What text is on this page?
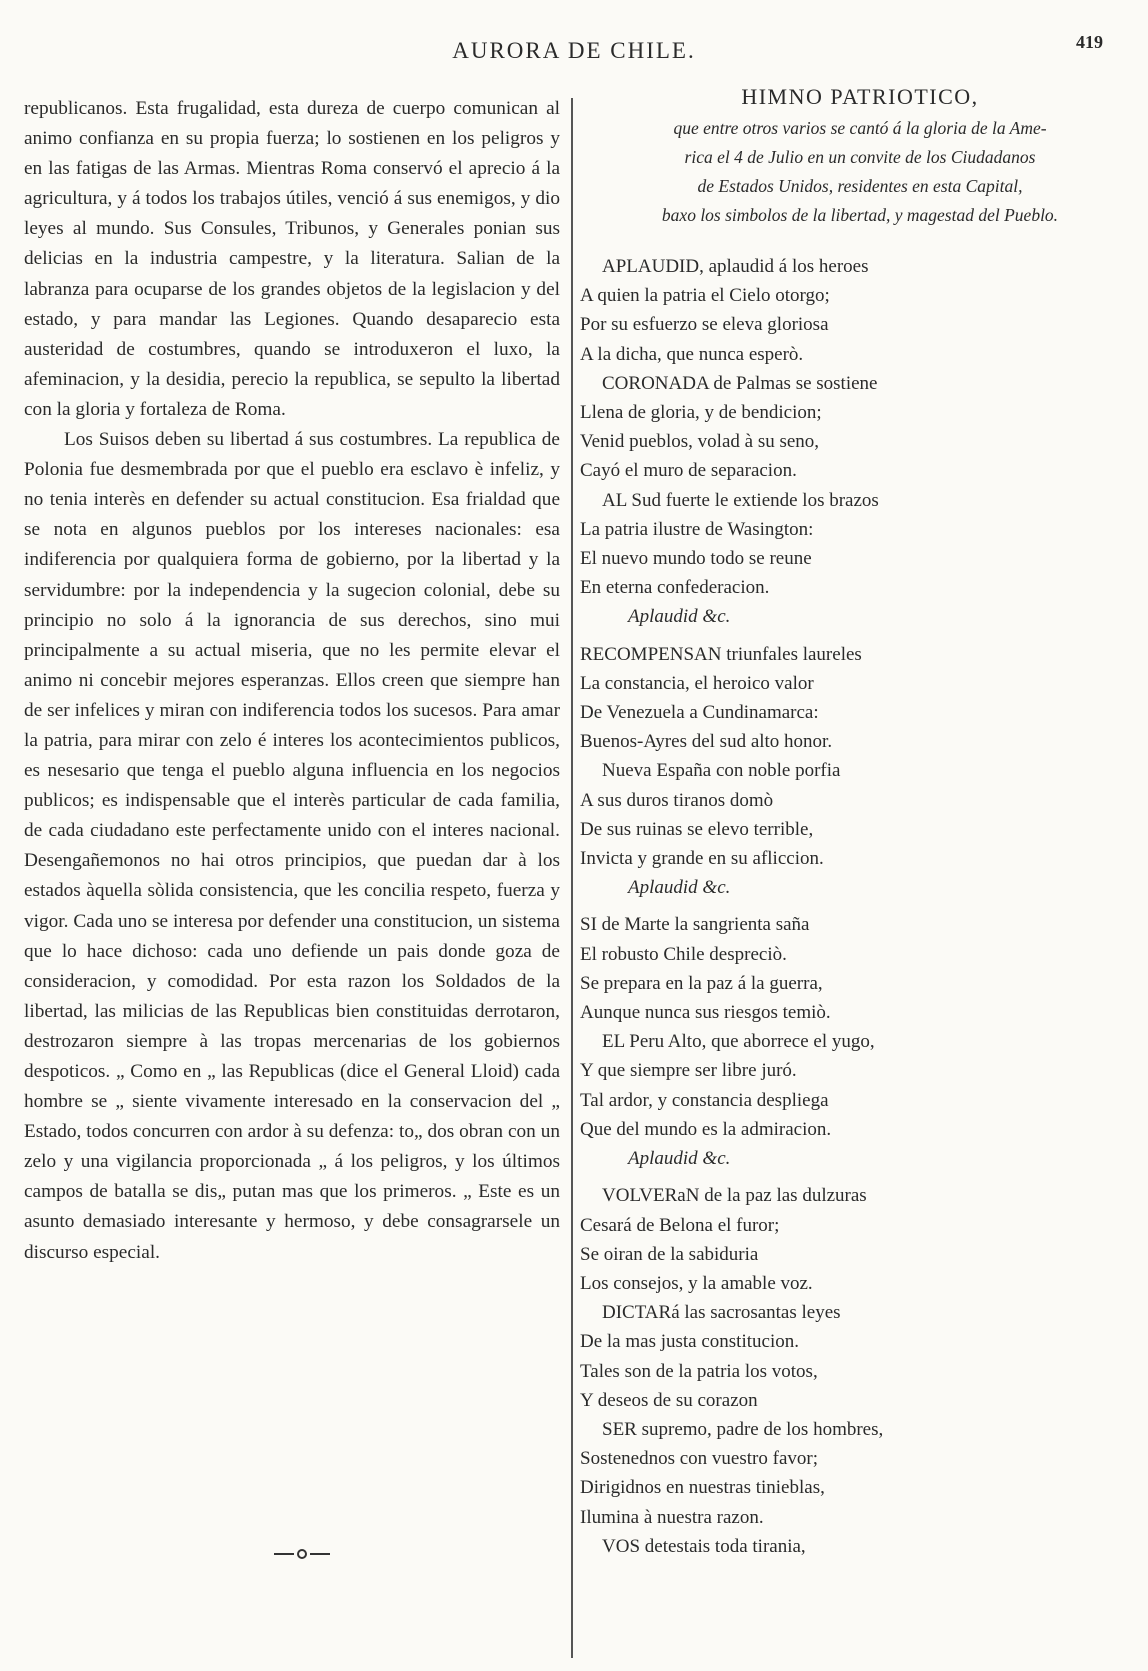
AURORA DE CHILE.	419

republicanos. Esta frugalidad, esta dureza de cuerpo comunican al animo confianza en su propia fuerza; lo sostienen en los peligros y en las fatigas de las Armas. Mientras Roma conservó el aprecio á la agricultura, y á todos los trabajos útiles, venció á sus enemigos, y dio leyes al mundo. Sus Consules, Tribunos, y Generales ponian sus delicias en la industria campestre, y la literatura. Salian de la labranza para ocuparse de los grandes objetos de la legislacion y del estado, y para mandar las Legiones. Quando desaparecio esta austeridad de costumbres, quando se introduxeron el luxo, la afeminacion, y la desidia, perecio la republica, se sepulto la libertad con la gloria y fortaleza de Roma.

Los Suisos deben su libertad á sus costumbres. La republica de Polonia fue desmembrada por que el pueblo era esclavo è infeliz, y no tenia interès en defender su actual constitucion. Esa frialdad que se nota en algunos pueblos por los intereses nacionales: esa indiferencia por qualquiera forma de gobierno, por la libertad y la servidumbre: por la independencia y la sugecion colonial, debe su principio no solo á la ignorancia de sus derechos, sino mui principalmente a su actual miseria, que no les permite elevar el animo ni concebir mejores esperanzas. Ellos creen que siempre han de ser infelices y miran con indiferencia todos los sucesos. Para amar la patria, para mirar con zelo é interes los acontecimientos publicos, es nesesario que tenga el pueblo alguna influencia en los negocios publicos; es indispensable que el interès particular de cada familia, de cada ciudadano este perfectamente unido con el interes nacional. Desengañemonos no hai otros principios, que puedan dar à los estados àquella sòlida consistencia, que les concilia respeto, fuerza y vigor. Cada uno se interesa por defender una constitucion, un sistema que lo hace dichoso: cada uno defiende un pais donde goza de consideracion, y comodidad. Por esta razon los Soldados de la libertad, las milicias de las Republicas bien constituidas derrotaron, destrozaron siempre à las tropas mercenarias de los gobiernos despoticos. „ Como en „ las Republicas (dice el General Lloid) cada hombre se „ siente vivamente interesado en la conservacion del „ Estado, todos concurren con ardor à su defenza: to„ dos obran con un zelo y una vigilancia proporcionada „ á los peligros, y los últimos campos de batalla se dis„ putan mas que los primeros. „ Este es un asunto demasiado interesante y hermoso, y debe consagrarsele un discurso especial.

HIMNO PATRIOTICO,
que entre otros varios se cantó á la gloria de la Ame-
rica el 4 de Julio en un convite de los Ciudadanos
de Estados Unidos, residentes en esta Capital,
baxo los simbolos de la libertad, y magestad del Pueblo.
APLAUDID, aplaudid á los heroes
A quien la patria el Cielo otorgo;
Por su esfuerzo se eleva gloriosa
A la dicha, que nunca esperò.
CORONADA de Palmas se sostiene
Llena de gloria, y de bendicion;
Venid pueblos, volad à su seno,
Cayó el muro de separacion.
AL Sud fuerte le extiende los brazos
La patria ilustre de Wasington:
El nuevo mundo todo se reune
En eterna confederacion.
Aplaudid &c.
RECOMPENSAN triunfales laureles
La constancia, el heroico valor
De Venezuela a Cundinamarca:
Buenos-Ayres del sud alto honor.
Nueva España con noble porfia
A sus duros tiranos domò
De sus ruinas se elevo terrible,
Invicta y grande en su afliccion.
Aplaudid &c.
SI de Marte la sangrienta saña
El robusto Chile despreciò.
Se prepara en la paz á la guerra,
Aunque nunca sus riesgos temiò.
EL Peru Alto, que aborrece el yugo,
Y que siempre ser libre juró.
Tal ardor, y constancia despliega
Que del mundo es la admiracion.
Aplaudid &c.
VOLVERaN de la paz las dulzuras
Cesará de Belona el furor;
Se oiran de la sabiduria
Los consejos, y la amable voz.
DICTARá las sacrosantas leyes
De la mas justa constitucion.
Tales son de la patria los votos,
Y deseos de su corazon
SER supremo, padre de los hombres,
Sostenednos con vuestro favor;
Dirigidnos en nuestras tinieblas,
Ilumina à nuestra razon.
VOS detestais toda tirania,
